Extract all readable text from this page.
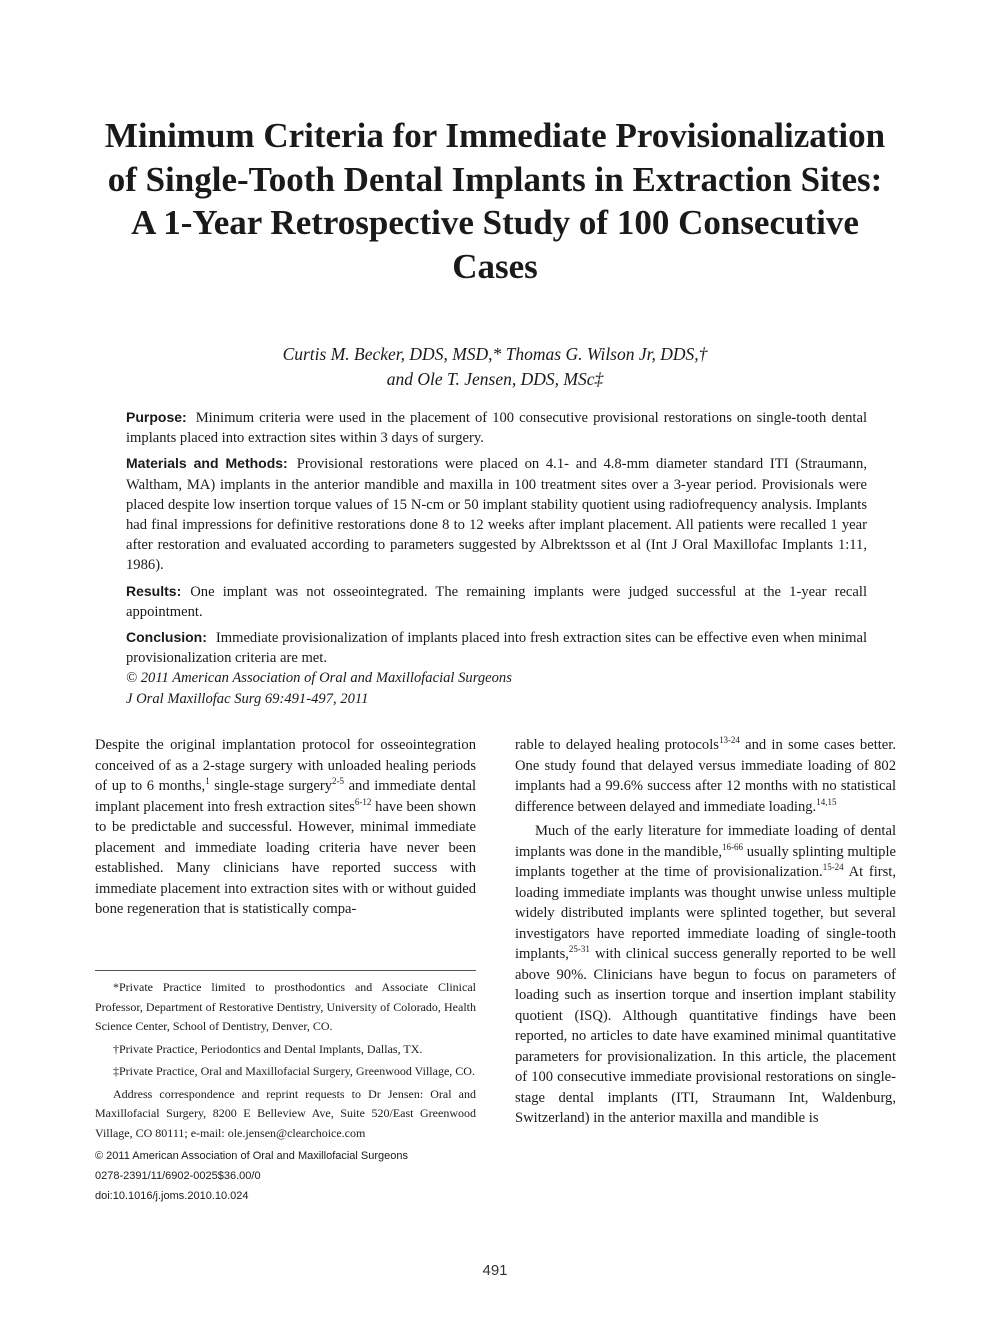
Minimum Criteria for Immediate Provisionalization of Single-Tooth Dental Implants in Extraction Sites: A 1-Year Retrospective Study of 100 Consecutive Cases
Curtis M. Becker, DDS, MSD,* Thomas G. Wilson Jr, DDS,†
and Ole T. Jensen, DDS, MSc‡

Purpose: Minimum criteria were used in the placement of 100 consecutive provisional restorations on single-tooth dental implants placed into extraction sites within 3 days of surgery.

Materials and Methods: Provisional restorations were placed on 4.1- and 4.8-mm diameter standard ITI (Straumann, Waltham, MA) implants in the anterior mandible and maxilla in 100 treatment sites over a 3-year period. Provisionals were placed despite low insertion torque values of 15 N-cm or 50 implant stability quotient using radiofrequency analysis. Implants had final impressions for definitive restorations done 8 to 12 weeks after implant placement. All patients were recalled 1 year after restoration and evaluated according to parameters suggested by Albrektsson et al (Int J Oral Maxillofac Implants 1:11, 1986).

Results: One implant was not osseointegrated. The remaining implants were judged successful at the 1-year recall appointment.

Conclusion: Immediate provisionalization of implants placed into fresh extraction sites can be effective even when minimal provisionalization criteria are met.

© 2011 American Association of Oral and Maxillofacial Surgeons
J Oral Maxillofac Surg 69:491-497, 2011

Despite the original implantation protocol for osseointegration conceived of as a 2-stage surgery with unloaded healing periods of up to 6 months,$^1$ single-stage surgery$^{2-5}$ and immediate dental implant placement into fresh extraction sites$^{6-12}$ have been shown to be predictable and successful. However, minimal immediate placement and immediate loading criteria have never been established. Many clinicians have reported success with immediate placement into extraction sites with or without guided bone regeneration that is statistically compa-

*Private Practice limited to prosthodontics and Associate Clinical Professor, Department of Restorative Dentistry, University of Colorado, Health Science Center, School of Dentistry, Denver, CO.

†Private Practice, Periodontics and Dental Implants, Dallas, TX.

‡Private Practice, Oral and Maxillofacial Surgery, Greenwood Village, CO.

Address correspondence and reprint requests to Dr Jensen: Oral and Maxillofacial Surgery, 8200 E Belleview Ave, Suite 520/East Greenwood Village, CO 80111; e-mail: ole.jensen@clearchoice.com

© 2011 American Association of Oral and Maxillofacial Surgeons

0278-2391/11/6902-0025$36.00/0

doi:10.1016/j.joms.2010.10.024

rable to delayed healing protocols$^{13-24}$ and in some cases better. One study found that delayed versus immediate loading of 802 implants had a 99.6% success after 12 months with no statistical difference between delayed and immediate loading.$^{14,15}$

Much of the early literature for immediate loading of dental implants was done in the mandible,$^{16-66}$ usually splinting multiple implants together at the time of provisionalization.$^{15-24}$ At first, loading immediate implants was thought unwise unless multiple widely distributed implants were splinted together, but several investigators have reported immediate loading of single-tooth implants,$^{25-31}$ with clinical success generally reported to be well above 90%. Clinicians have begun to focus on parameters of loading such as insertion torque and insertion implant stability quotient (ISQ). Although quantitative findings have been reported, no articles to date have examined minimal quantitative parameters for provisionalization. In this article, the placement of 100 consecutive immediate provisional restorations on single-stage dental implants (ITI, Straumann Int, Waldenburg, Switzerland) in the anterior maxilla and mandible is

491
